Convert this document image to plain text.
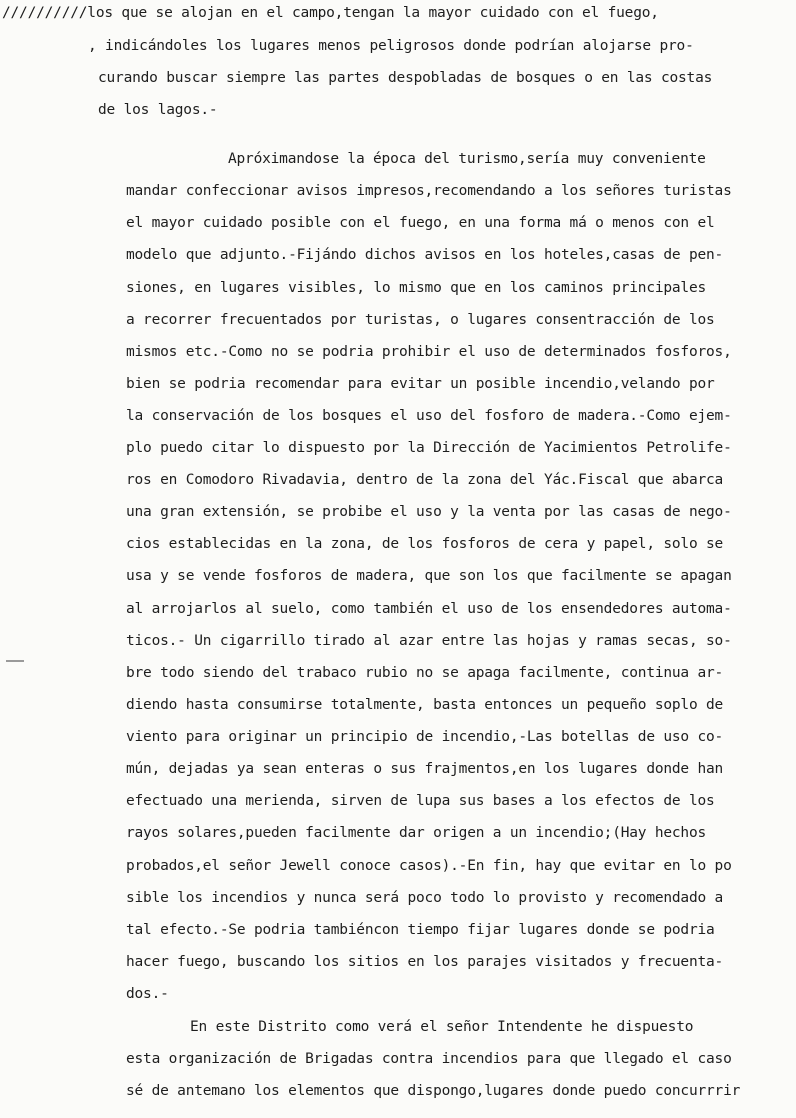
//////////los que se alojan en el campo,tengan la mayor cuidado con el fuego,

, indicándoles los lugares menos peligrosos donde podrían alojarse pro-

curando buscar siempre las partes despobladas de bosques o en las costas

de los lagos.-

Apróximandose la época del turismo,sería muy conveniente

mandar confeccionar avisos impresos,recomendando a los señores turistas

el mayor cuidado posible con el fuego, en una forma má o menos con el

modelo que adjunto.-Fijándo dichos avisos en los hoteles,casas de pen-

siones, en lugares visibles, lo mismo que en los caminos principales

a recorrer frecuentados por turistas, o lugares consentracción de los

mismos etc.-Como no se podria prohibir el uso de determinados fosforos,

bien se podria recomendar para evitar un posible incendio,velando por

la conservación de los bosques el uso del fosforo de madera.-Como ejem-

plo puedo citar lo dispuesto por la Dirección de Yacimientos Petrolife-

ros en Comodoro Rivadavia, dentro de la zona del Yác.Fiscal que abarca

una gran extensión, se probibe el uso y la venta por las casas de nego-

cios establecidas en la zona, de los fosforos de cera y papel, solo se

usa y se vende fosforos de madera, que son los que facilmente se apagan

al arrojarlos al suelo, como también el uso de los ensendedores automa-

ticos.- Un cigarrillo tirado al azar entre las hojas y ramas secas, so-

bre todo siendo del trabaco rubio no se apaga facilmente, continua ar-

diendo hasta consumirse totalmente, basta entonces un pequeño soplo de

viento para originar un principio de incendio,-Las botellas de uso co-

mún, dejadas ya sean enteras o sus frajmentos,en los lugares donde han

efectuado una merienda, sirven de lupa sus bases a los efectos de los

rayos solares,pueden facilmente dar origen a un incendio;(Hay hechos

probados,el señor Jewell conoce casos).-En fin, hay que evitar en lo po

sible los incendios y nunca será poco todo lo provisto y recomendado a

tal efecto.-Se podria tambiéncon tiempo fijar lugares donde se podria

hacer fuego, buscando los sitios en los parajes visitados y frecuenta-

dos.-

En este Distrito como verá el señor Intendente he dispuesto

esta organización de Brigadas contra incendios para que llegado el caso

sé de antemano los elementos que dispongo,lugares donde puedo concurrrir
